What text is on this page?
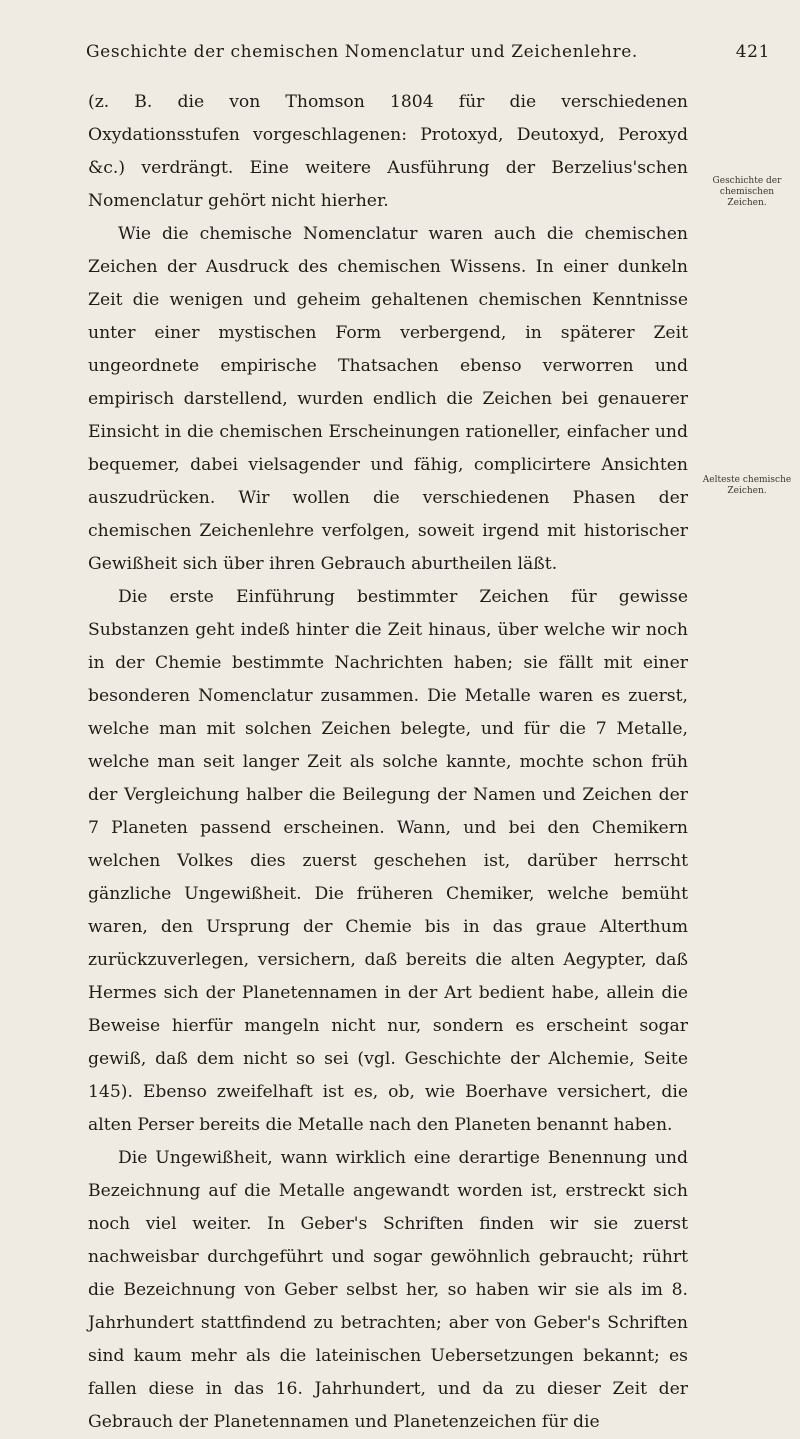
Geschichte der chemischen Nomenclatur und Zeichenlehre.	421

(z. B. die von Thomson 1804 für die verschiedenen Oxydationsstufen vorgeschlagenen: Protoxyd, Deutoxyd, Peroxyd &c.) verdrängt. Eine weitere Ausführung der Berzelius'schen Nomenclatur gehört nicht hierher.

Wie die chemische Nomenclatur waren auch die chemischen Zeichen der Ausdruck des chemischen Wissens. In einer dunkeln Zeit die wenigen und geheim gehaltenen chemischen Kenntnisse unter einer mystischen Form verbergend, in späterer Zeit ungeordnete empirische Thatsachen ebenso verworren und empirisch darstellend, wurden endlich die Zeichen bei genauerer Einsicht in die chemischen Erscheinungen rationeller, einfacher und bequemer, dabei vielsagender und fähig, complicirtere Ansichten auszudrücken. Wir wollen die verschiedenen Phasen der chemischen Zeichenlehre verfolgen, soweit irgend mit historischer Gewißheit sich über ihren Gebrauch aburtheilen läßt.

Die erste Einführung bestimmter Zeichen für gewisse Substanzen geht indeß hinter die Zeit hinaus, über welche wir noch in der Chemie bestimmte Nachrichten haben; sie fällt mit einer besonderen Nomenclatur zusammen. Die Metalle waren es zuerst, welche man mit solchen Zeichen belegte, und für die 7 Metalle, welche man seit langer Zeit als solche kannte, mochte schon früh der Vergleichung halber die Beilegung der Namen und Zeichen der 7 Planeten passend erscheinen. Wann, und bei den Chemikern welchen Volkes dies zuerst geschehen ist, darüber herrscht gänzliche Ungewißheit. Die früheren Chemiker, welche bemüht waren, den Ursprung der Chemie bis in das graue Alterthum zurückzuverlegen, versichern, daß bereits die alten Aegypter, daß Hermes sich der Planetennamen in der Art bedient habe, allein die Beweise hierfür mangeln nicht nur, sondern es erscheint sogar gewiß, daß dem nicht so sei (vgl. Geschichte der Alchemie, Seite 145). Ebenso zweifelhaft ist es, ob, wie Boerhave versichert, die alten Perser bereits die Metalle nach den Planeten benannt haben.

Die Ungewißheit, wann wirklich eine derartige Benennung und Bezeichnung auf die Metalle angewandt worden ist, erstreckt sich noch viel weiter. In Geber's Schriften finden wir sie zuerst nachweisbar durchgeführt und sogar gewöhnlich gebraucht; rührt die Bezeichnung von Geber selbst her, so haben wir sie als im 8. Jahrhundert stattfindend zu betrachten; aber von Geber's Schriften sind kaum mehr als die lateinischen Uebersetzungen bekannt; es fallen diese in das 16. Jahrhundert, und da zu dieser Zeit der Gebrauch der Planetennamen und Planetenzeichen für die

Geschichte der chemischen Zeichen.
Aelteste chemische Zeichen.
